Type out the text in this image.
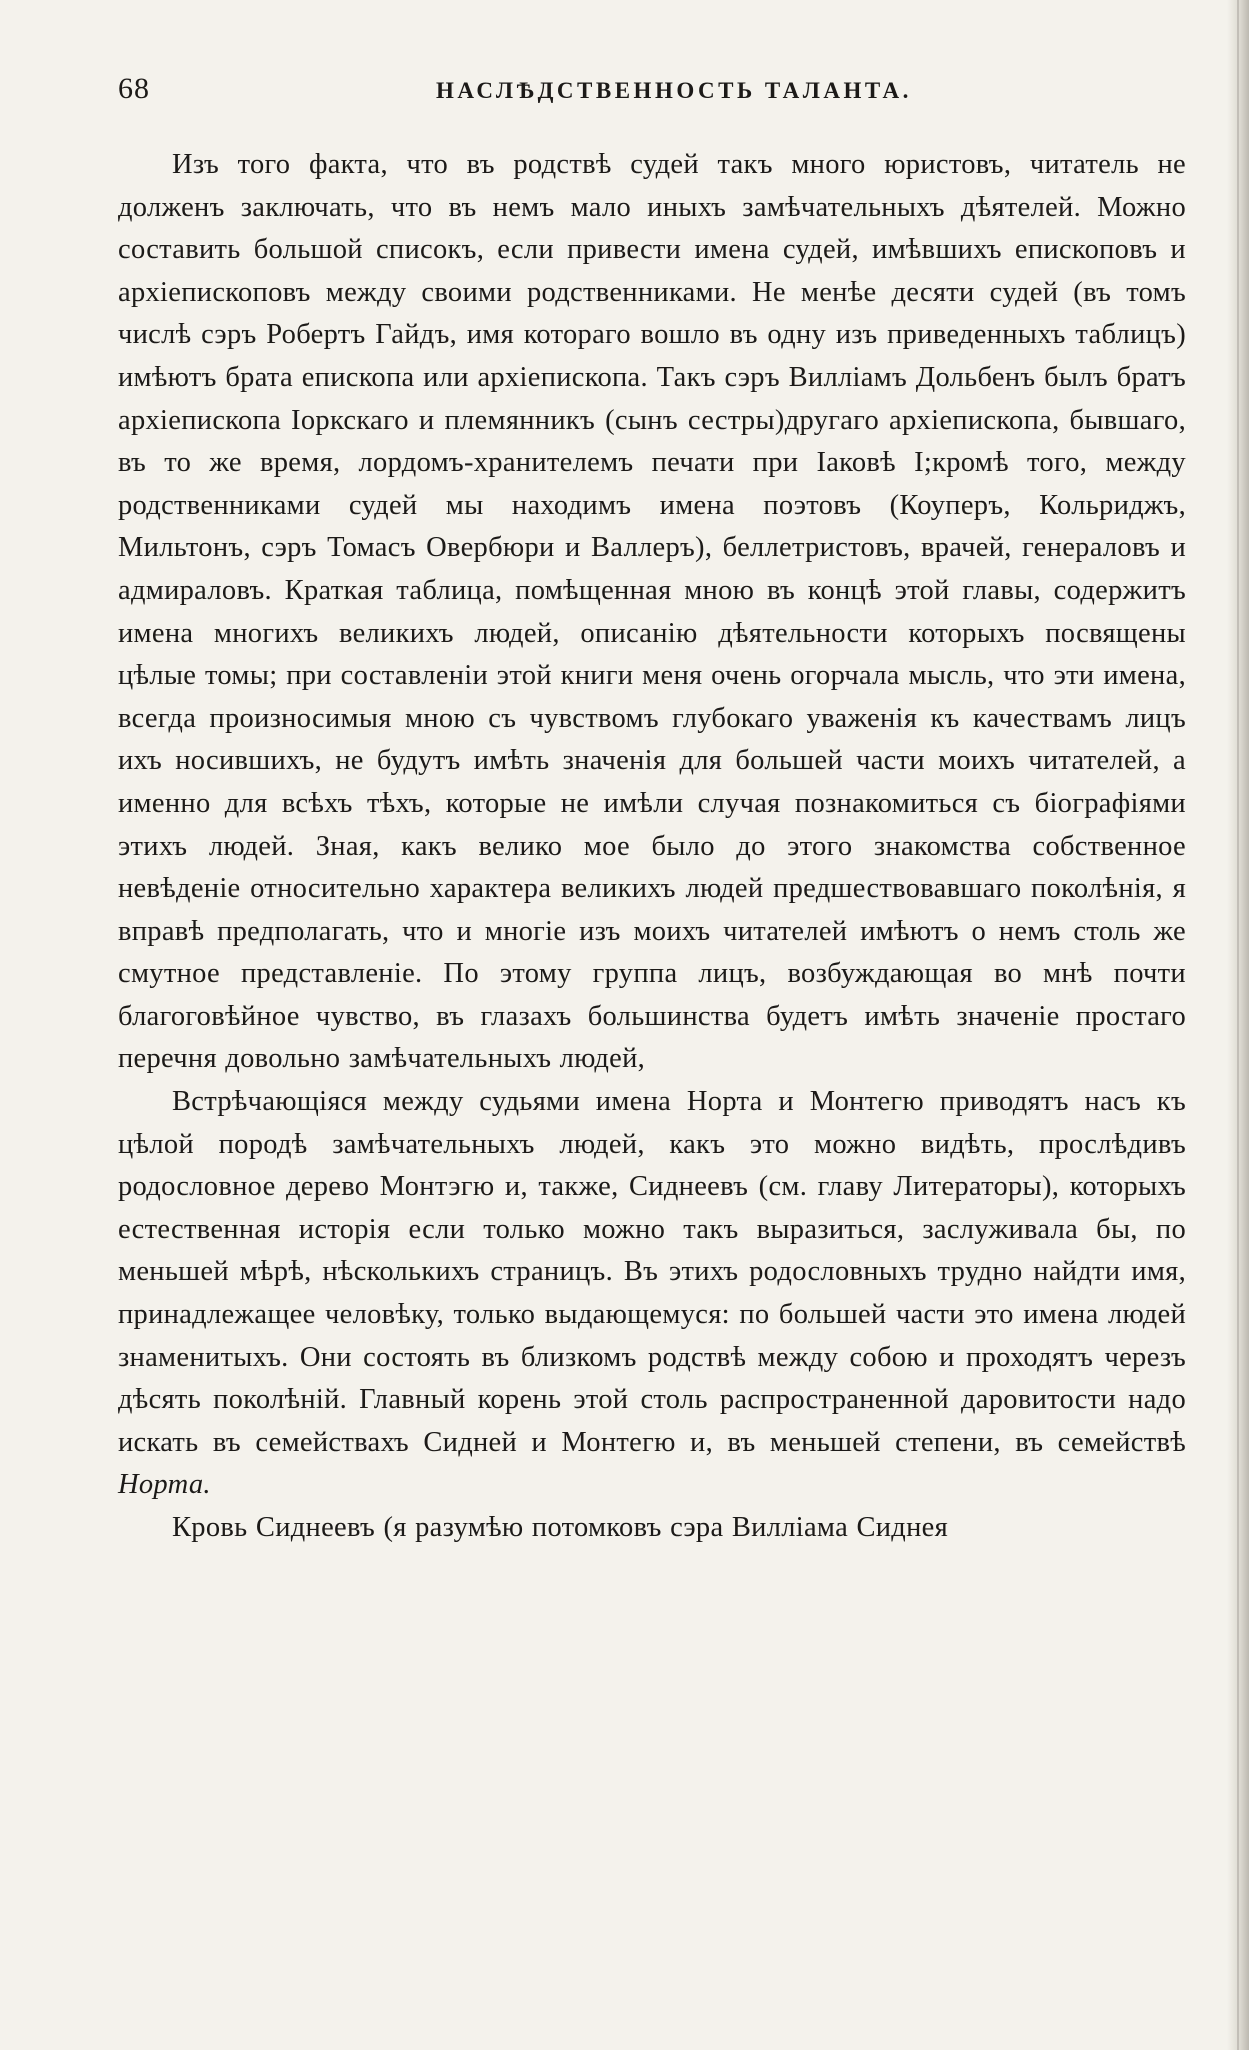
68	НАСЛѢДСТВЕННОСТЬ ТАЛАНТА.

Изъ того факта, что въ родствѣ судей такъ много юристовъ, читатель не долженъ заключать, что въ немъ мало иныхъ замѣчательныхъ дѣятелей. Можно составить большой списокъ, если привести имена судей, имѣвшихъ епископовъ и архіепископовъ между своими родственниками. Не менѣе десяти судей (въ томъ числѣ сэръ Робертъ Гайдъ, имя котораго вошло въ одну изъ приведенныхъ таблицъ) имѣютъ брата епископа или архіепископа. Такъ сэръ Вилліамъ Дольбенъ былъ братъ архіепископа Іоркскаго и племянникъ (сынъ сестры)другаго архіепископа, бывшаго, въ то же время, лордомъ-хранителемъ печати при Іаковѣ I;кромѣ того, между родственниками судей мы находимъ имена поэтовъ (Коуперъ, Кольриджъ, Мильтонъ, сэръ Томасъ Овербюри и Валлеръ), беллетристовъ, врачей, генераловъ и адмираловъ. Краткая таблица, помѣщенная мною въ концѣ этой главы, содержитъ имена многихъ великихъ людей, описанію дѣятельности которыхъ посвящены цѣлые томы; при составленіи этой книги меня очень огорчала мысль, что эти имена, всегда произносимыя мною съ чувствомъ глубокаго уваженія къ качествамъ лицъ ихъ носившихъ, не будутъ имѣть значенія для большей части моихъ читателей, а именно для всѣхъ тѣхъ, которые не имѣли случая познакомиться съ біографіями этихъ людей. Зная, какъ велико мое было до этого знакомства собственное невѣденіе относительно характера великихъ людей предшествовавшаго поколѣнія, я вправѣ предполагать, что и многіе изъ моихъ читателей имѣютъ о немъ столь же смутное представленіе. По этому группа лицъ, возбуждающая во мнѣ почти благоговѣйное чувство, въ глазахъ большинства будетъ имѣть значеніе простаго перечня довольно замѣчательныхъ людей,

Встрѣчающіяся между судьями имена Норта и Монтегю приводятъ насъ къ цѣлой породѣ замѣчательныхъ людей, какъ это можно видѣть, прослѣдивъ родословное дерево Монтэгю и, также, Сиднеевъ (см. главу Литераторы), которыхъ естественная исторія если только можно такъ выразиться, заслуживала бы, по меньшей мѣрѣ, нѣсколькихъ страницъ. Въ этихъ родословныхъ трудно найдти имя, принадлежащее человѣку, только выдающемуся: по большей части это имена людей знаменитыхъ. Они состоять въ близкомъ родствѣ между собою и проходятъ черезъ дѣсять поколѣній. Главный корень этой столь распространенной даровитости надо искать въ семействахъ Сидней и Монтегю и, въ меньшей степени, въ семействѣ Норта.

Кровь Сиднеевъ (я разумѣю потомковъ сэра Вилліама Сиднея
